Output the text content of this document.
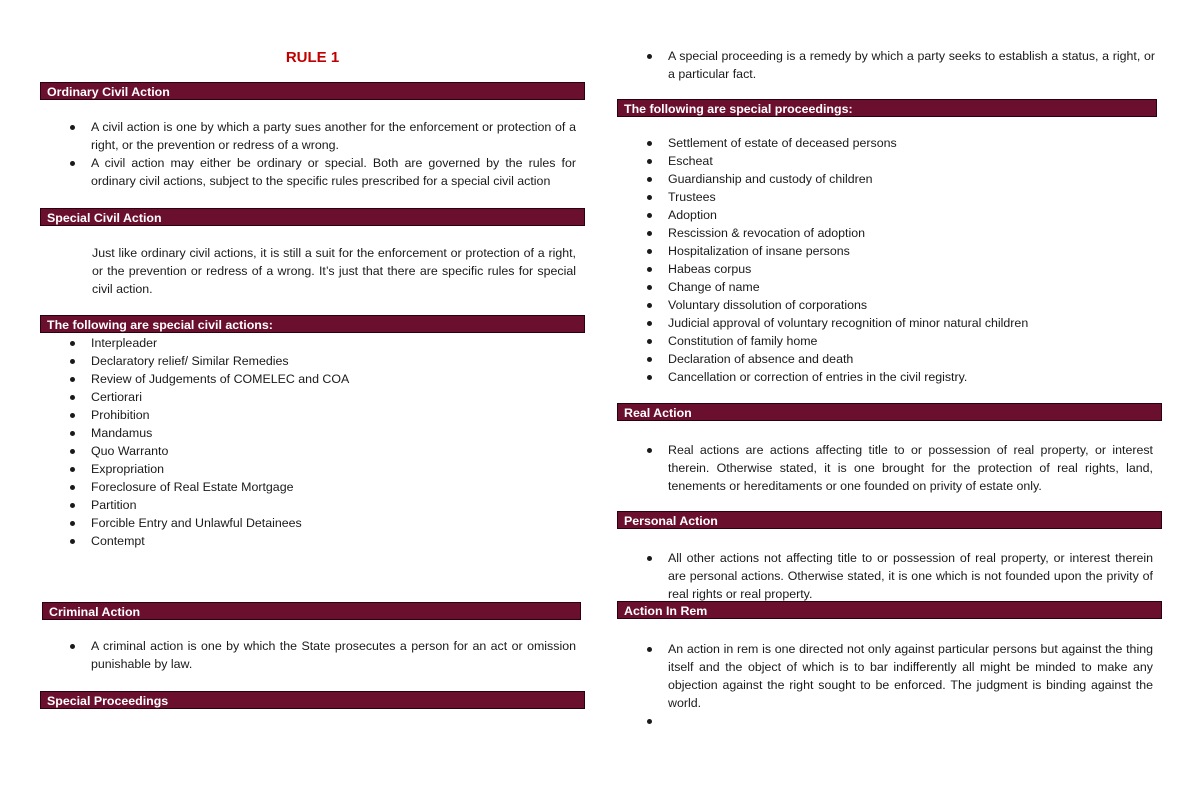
RULE 1
Ordinary Civil Action
A civil action is one by which a party sues another for the enforcement or protection of a right, or the prevention or redress of a wrong.
A civil action may either be ordinary or special. Both are governed by the rules for ordinary civil actions, subject to the specific rules prescribed for a special civil action
Special Civil Action
Just like ordinary civil actions, it is still a suit for the enforcement or protection of a right, or the prevention or redress of a wrong. It’s just that there are specific rules for special civil action.
The following are special civil actions:
Interpleader
Declaratory relief/ Similar Remedies
Review of Judgements of COMELEC and COA
Certiorari
Prohibition
Mandamus
Quo Warranto
Expropriation
Foreclosure of Real Estate Mortgage
Partition
Forcible Entry and Unlawful Detainees
Contempt
Criminal Action
A criminal action is one by which the State prosecutes a person for an act or omission punishable by law.
Special Proceedings
A special proceeding is a remedy by which a party seeks to establish a status, a right, or a particular fact.
The following are special proceedings:
Settlement of estate of deceased persons
Escheat
Guardianship and custody of children
Trustees
Adoption
Rescission & revocation of adoption
Hospitalization of insane persons
Habeas corpus
Change of name
Voluntary dissolution of corporations
Judicial approval of voluntary recognition of minor natural children
Constitution of family home
Declaration of absence and death
Cancellation or correction of entries in the civil registry.
Real Action
Real actions are actions affecting title to or possession of real property, or interest therein. Otherwise stated, it is one brought for the protection of real rights, land, tenements or hereditaments or one founded on privity of estate only.
Personal Action
All other actions not affecting title to or possession of real property, or interest therein are personal actions. Otherwise stated, it is one which is not founded upon the privity of real rights or real property.
Action In Rem
An action in rem is one directed not only against particular persons but against the thing itself and the object of which is to bar indifferently all might be minded to make any objection against the right sought to be enforced. The judgment is binding against the world.
